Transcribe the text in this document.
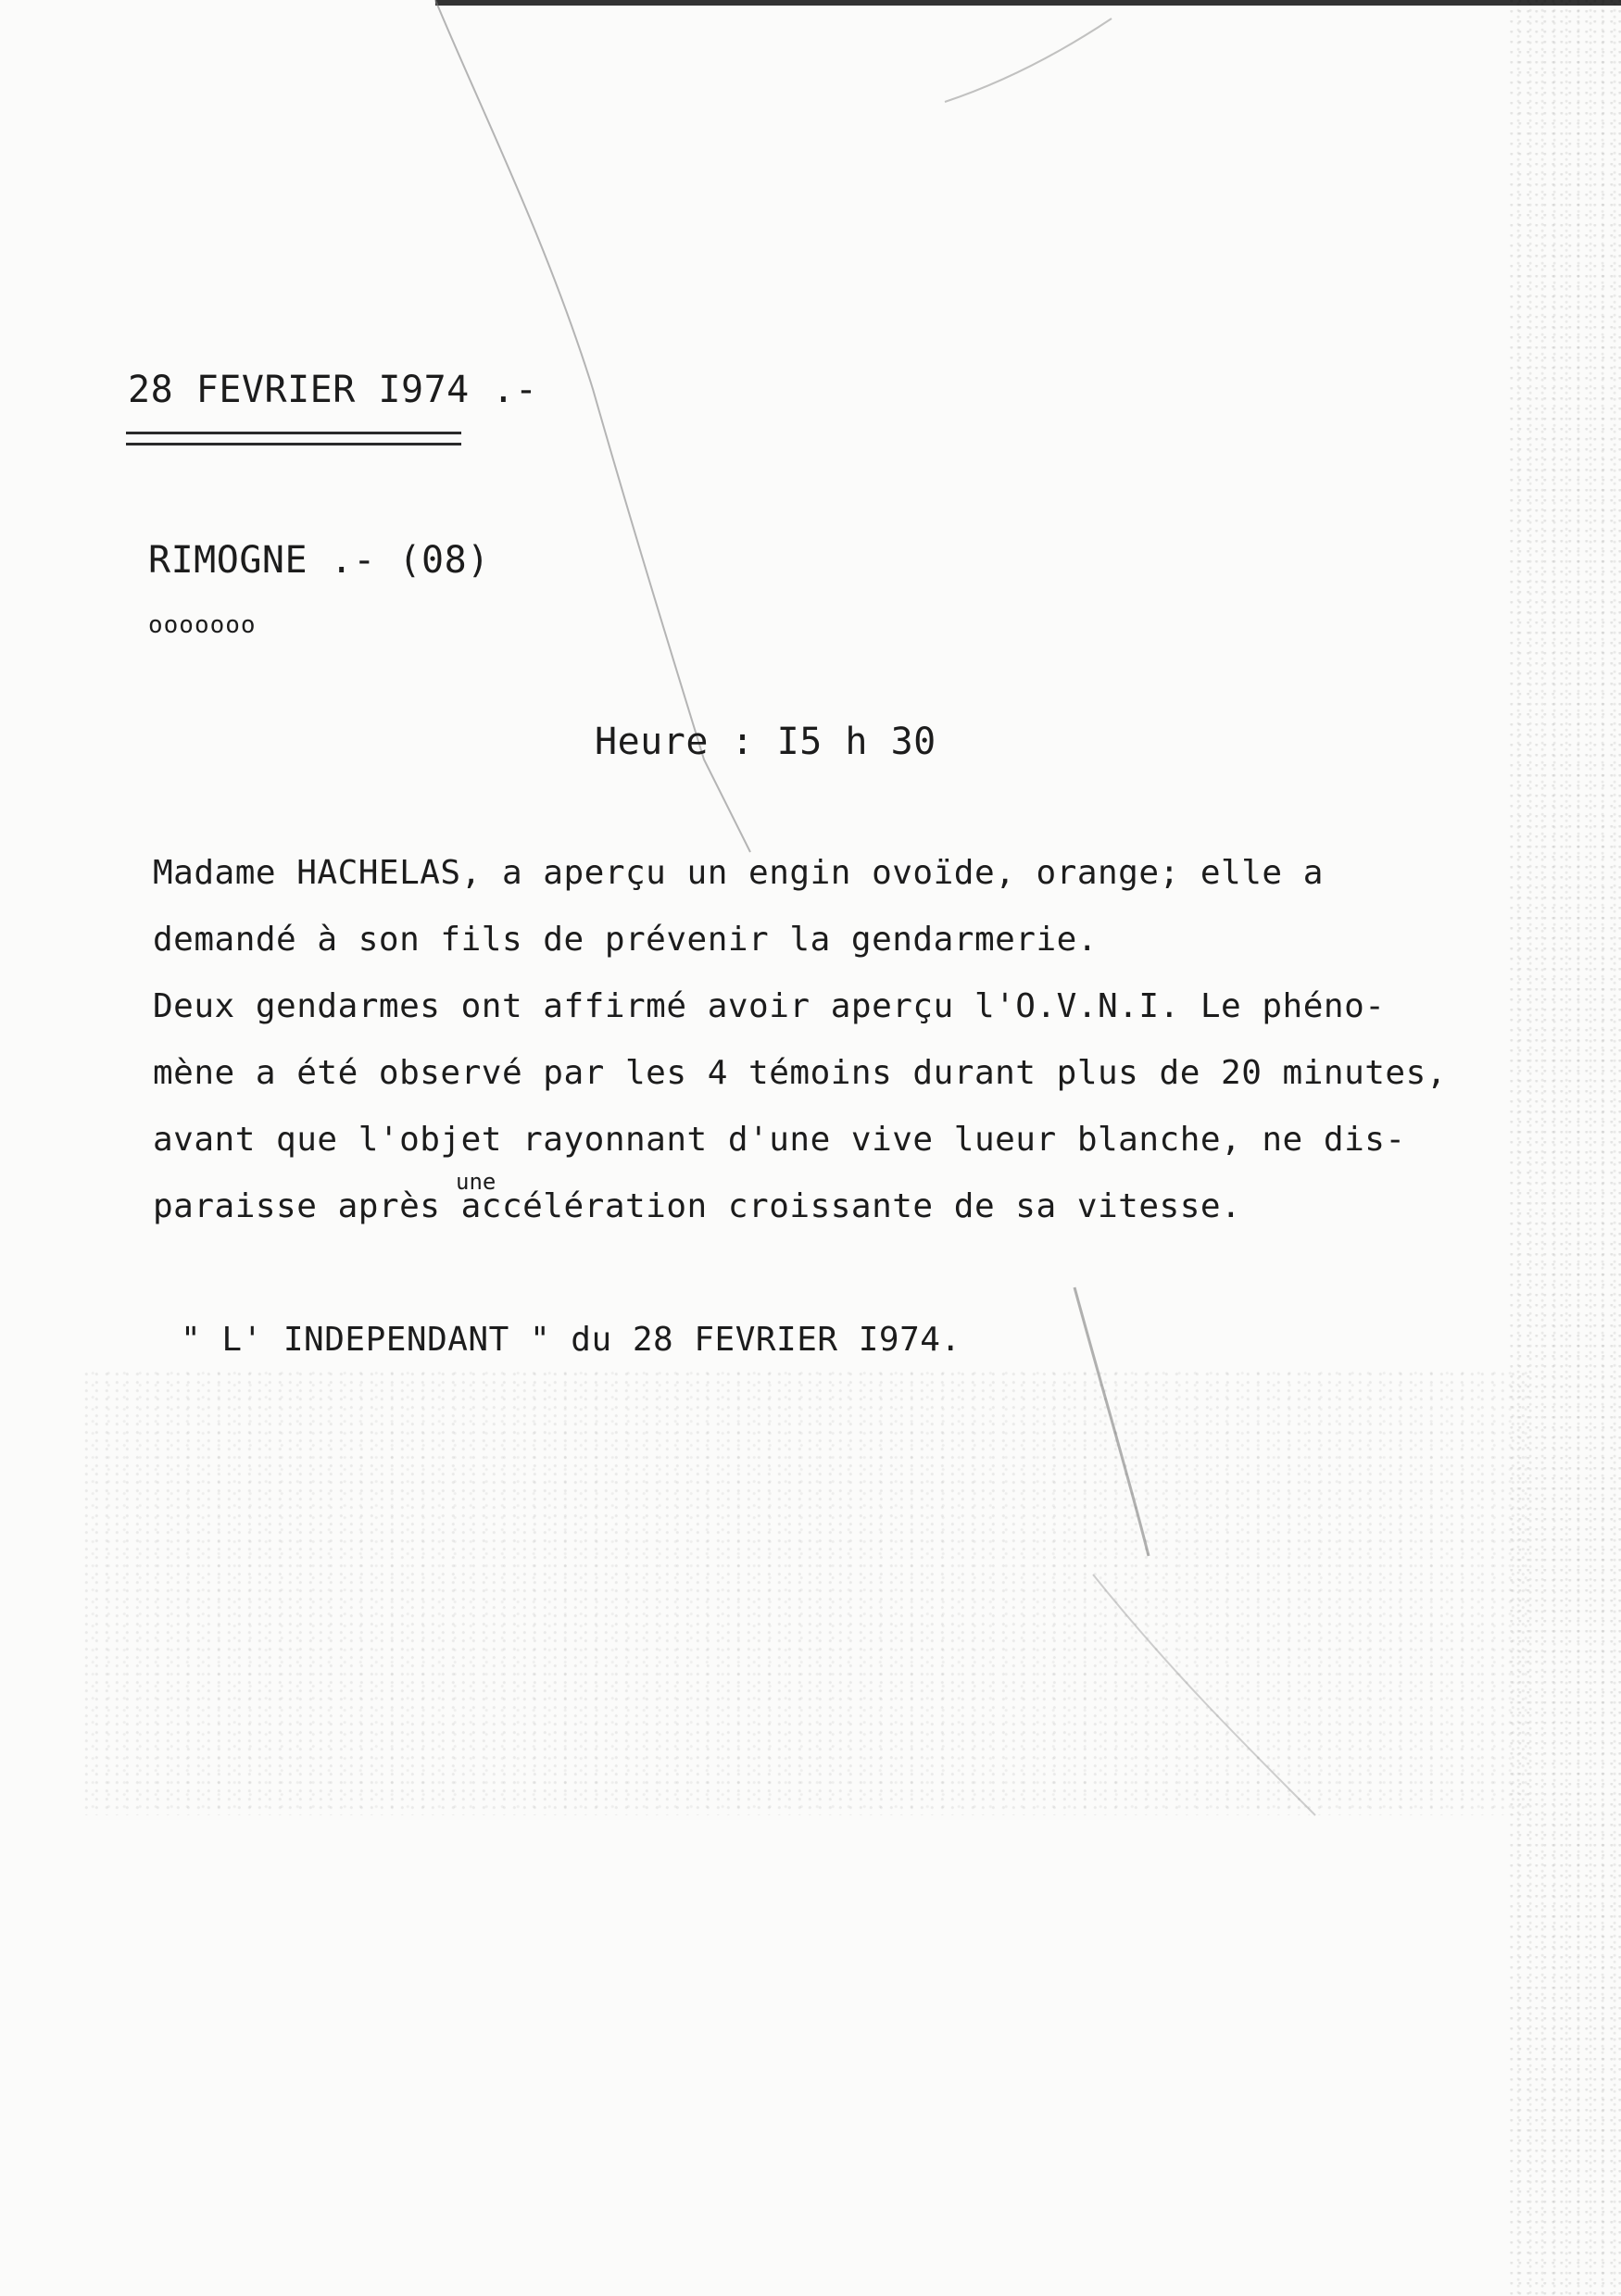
28 FEVRIER I974 .-
RIMOGNE .- (08)
ooooooo
Heure : I5 h 30
Madame HACHELAS, a aperçu un engin ovoïde, orange; elle a
demandé à son fils de prévenir la gendarmerie.
Deux gendarmes ont affirmé avoir aperçu l'O.V.N.I. Le phéno-
mène a été observé par les 4 témoins durant plus de 20 minutes,
avant que l'objet rayonnant d'une vive lueur blanche, ne dis-
paraisse après accélération croissante de sa vitesse.
une
" L' INDEPENDANT " du 28 FEVRIER I974.
